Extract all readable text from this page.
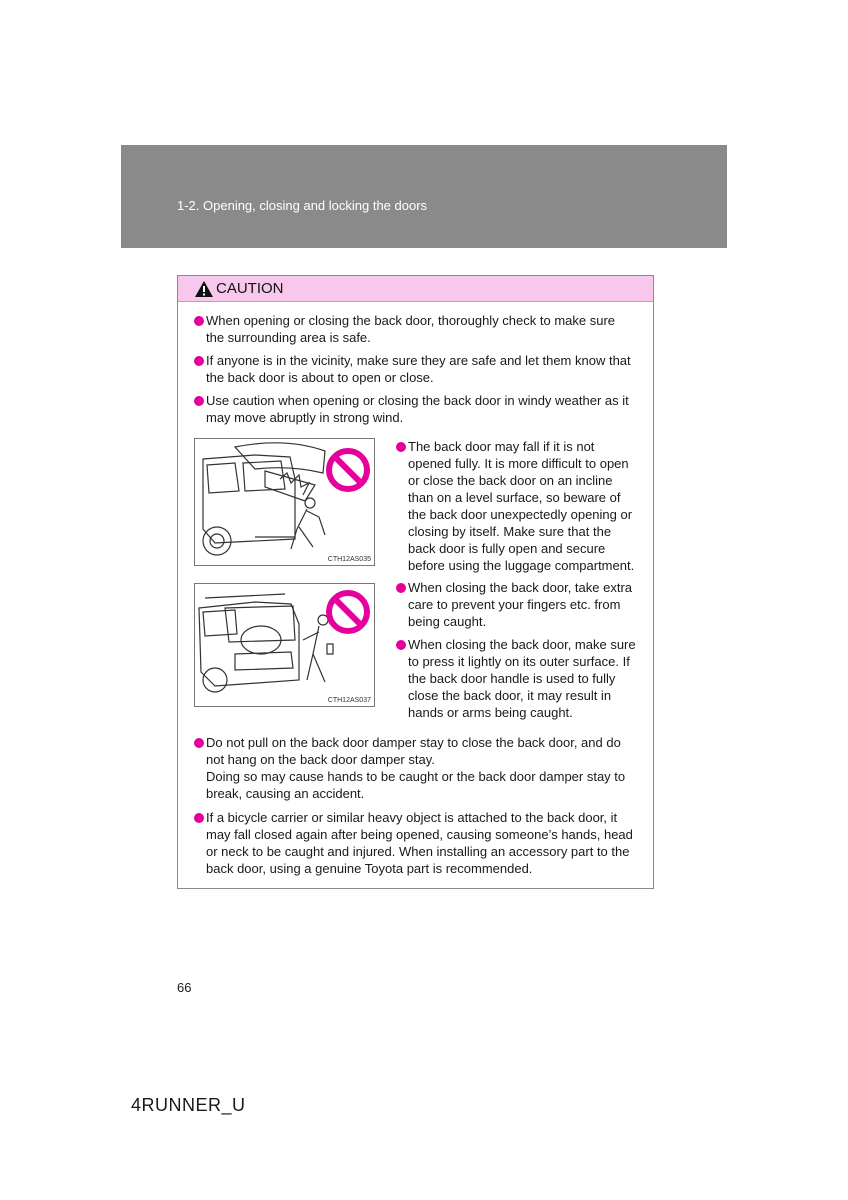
1-2. Opening, closing and locking the doors
CAUTION
When opening or closing the back door, thoroughly check to make sure
the surrounding area is safe.
If anyone is in the vicinity, make sure they are safe and let them know that
the back door is about to open or close.
Use caution when opening or closing the back door in windy weather as it
may move abruptly in strong wind.
CTH12AS035
CTH12AS037
The back door may fall if it is not
opened fully. It is more difficult to open
or close the back door on an incline
than on a level surface, so beware of
the back door unexpectedly opening or
closing by itself. Make sure that the
back door is fully open and secure
before using the luggage compartment.
When closing the back door, take extra
care to prevent your fingers etc. from
being caught.
When closing the back door, make sure
to press it lightly on its outer surface. If
the back door handle is used to fully
close the back door, it may result in
hands or arms being caught.
Do not pull on the back door damper stay to close the back door, and do
not hang on the back door damper stay.
Doing so may cause hands to be caught or the back door damper stay to
break, causing an accident.
If a bicycle carrier or similar heavy object is attached to the back door, it
may fall closed again after being opened, causing someone’s hands, head
or neck to be caught and injured. When installing an accessory part to the
back door, using a genuine Toyota part is recommended.
66
4RUNNER_U
